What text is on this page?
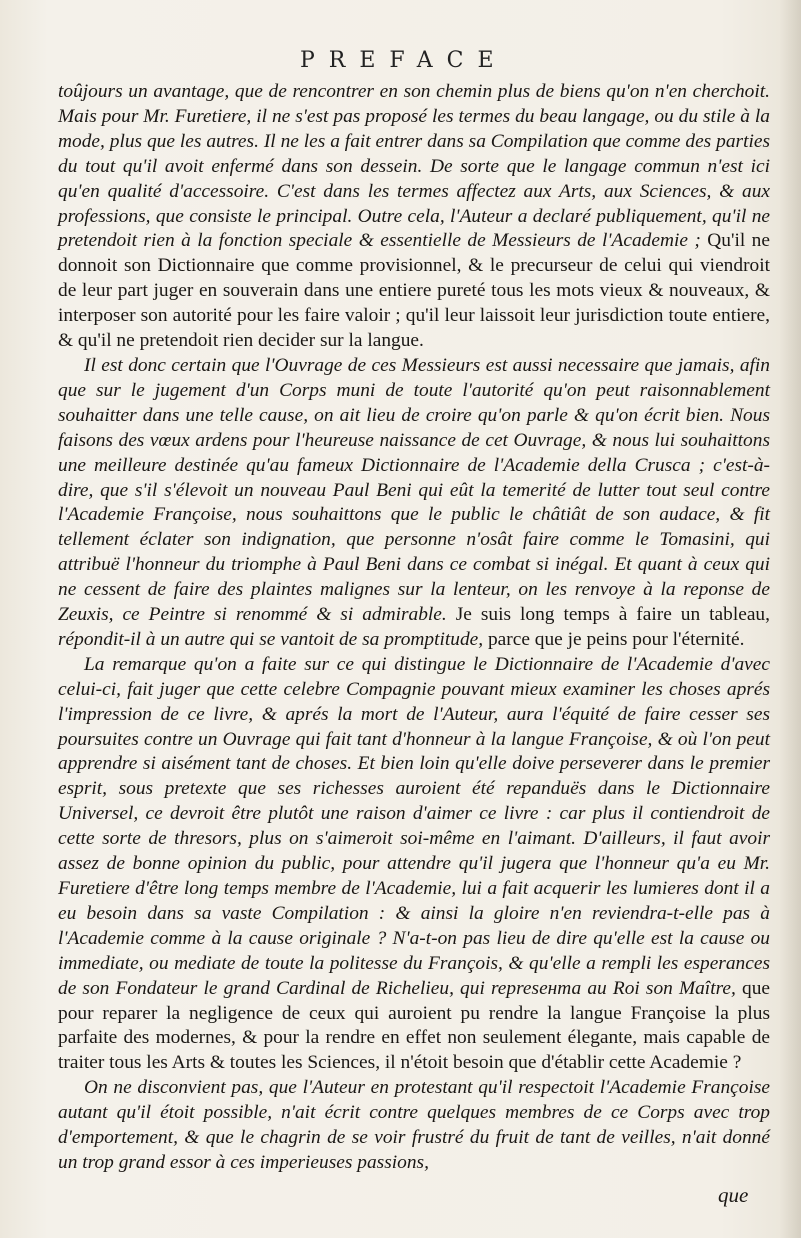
PREFACE

toûjours un avantage, que de rencontrer en son chemin plus de biens qu'on n'en cherchoit. Mais pour Mr. Furetiere, il ne s'est pas proposé les termes du beau langage, ou du stile à la mode, plus que les autres. Il ne les a fait entrer dans sa Compilation que comme des parties du tout qu'il avoit enfermé dans son dessein. De sorte que le langage commun n'est ici qu'en qualité d'accessoire. C'est dans les termes affectez aux Arts, aux Sciences, & aux professions, que consiste le principal. Outre cela, l'Auteur a declaré publiquement, qu'il ne pretendoit rien à la fonction speciale & essentielle de Messieurs de l'Academie ; Qu'il ne donnoit son Dictionnaire que comme provisionnel, & le precurseur de celui qui viendroit de leur part juger en souverain dans une entiere pureté tous les mots vieux & nouveaux, & interposer son autorité pour les faire valoir ; qu'il leur laissoit leur jurisdiction toute entiere, & qu'il ne pretendoit rien decider sur la langue.

Il est donc certain que l'Ouvrage de ces Messieurs est aussi necessaire que jamais, afin que sur le jugement d'un Corps muni de toute l'autorité qu'on peut raisonnablement souhaitter dans une telle cause, on ait lieu de croire qu'on parle & qu'on écrit bien. Nous faisons des vœux ardens pour l'heureuse naissance de cet Ouvrage, & nous lui souhaittons une meilleure destinée qu'au fameux Dictionnaire de l'Academie della Crusca ; c'est-à-dire, que s'il s'élevoit un nouveau Paul Beni qui eût la temerité de lutter tout seul contre l'Academie Françoise, nous souhaittons que le public le châtiât de son audace, & fit tellement éclater son indignation, que personne n'osât faire comme le Tomasini, qui attribuë l'honneur du triomphe à Paul Beni dans ce combat si inégal. Et quant à ceux qui ne cessent de faire des plaintes malignes sur la lenteur, on les renvoye à la reponse de Zeuxis, ce Peintre si renommé & si admirable. Je suis long temps à faire un tableau, répondit-il à un autre qui se vantoit de sa promptitude, parce que je peins pour l'éternité.

La remarque qu'on a faite sur ce qui distingue le Dictionnaire de l'Academie d'avec celui-ci, fait juger que cette celebre Compagnie pouvant mieux examiner les choses aprés l'impression de ce livre, & aprés la mort de l'Auteur, aura l'équité de faire cesser ses poursuites contre un Ouvrage qui fait tant d'honneur à la langue Françoise, & où l'on peut apprendre si aisément tant de choses. Et bien loin qu'elle doive perseverer dans le premier esprit, sous pretexte que ses richesses auroient été repanduës dans le Dictionnaire Universel, ce devroit être plutôt une raison d'aimer ce livre : car plus il contiendroit de cette sorte de thresors, plus on s'aimeroit soi-même en l'aimant. D'ailleurs, il faut avoir assez de bonne opinion du public, pour attendre qu'il jugera que l'honneur qu'a eu Mr. Furetiere d'être long temps membre de l'Academie, lui a fait acquerir les lumieres dont il a eu besoin dans sa vaste Compilation : & ainsi la gloire n'en reviendra-t-elle pas à l'Academie comme à la cause originale ? N'a-t-on pas lieu de dire qu'elle est la cause ou immediate, ou mediate de toute la politesse du François, & qu'elle a rempli les esperances de son Fondateur le grand Cardinal de Richelieu, qui represента au Roi son Maître, que pour reparer la negligence de ceux qui auroient pu rendre la langue Françoise la plus parfaite des modernes, & pour la rendre en effet non seulement élegante, mais capable de traiter tous les Arts & toutes les Sciences, il n'étoit besoin que d'établir cette Academie ?

On ne disconvient pas, que l'Auteur en protestant qu'il respectoit l'Academie Françoise autant qu'il étoit possible, n'ait écrit contre quelques membres de ce Corps avec trop d'emportement, & que le chagrin de se voir frustré du fruit de tant de veilles, n'ait donné un trop grand essor à ces imperieuses passions,

que
